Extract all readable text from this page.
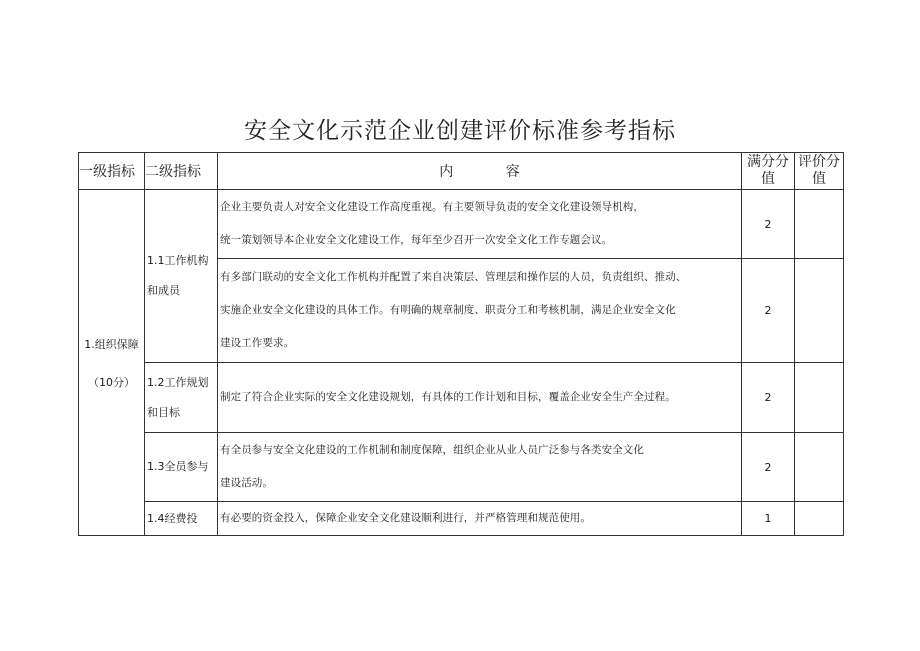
安全文化示范企业创建评价标准参考指标
一级指标	二级指标	内 容	满分分值	评价分值

1.组织保障
（10分）	1.1工作机构和成员	企业主要负责人对安全文化建设工作高度重视。有主要领导负责的安全文化建设领导机构，
统一策划领导本企业安全文化建设工作，每年至少召开一次安全文化工作专题会议。	2	

		有多部门联动的安全文化工作机构并配置了来自决策层、管理层和操作层的人员，负责组织、推动、
实施企业安全文化建设的具体工作。有明确的规章制度、职责分工和考核机制，满足企业安全文化
建设工作要求。	2	
	1.2工作规划和目标	制定了符合企业实际的安全文化建设规划，有具体的工作计划和目标，覆盖企业安全生产全过程。	2	
	1.3全员参与	有全员参与安全文化建设的工作机制和制度保障，组织企业从业人员广泛参与各类安全文化
建设活动。	2	
	1.4经费投	有必要的资金投入，保障企业安全文化建设顺利进行，并严格管理和规范使用。	1	
